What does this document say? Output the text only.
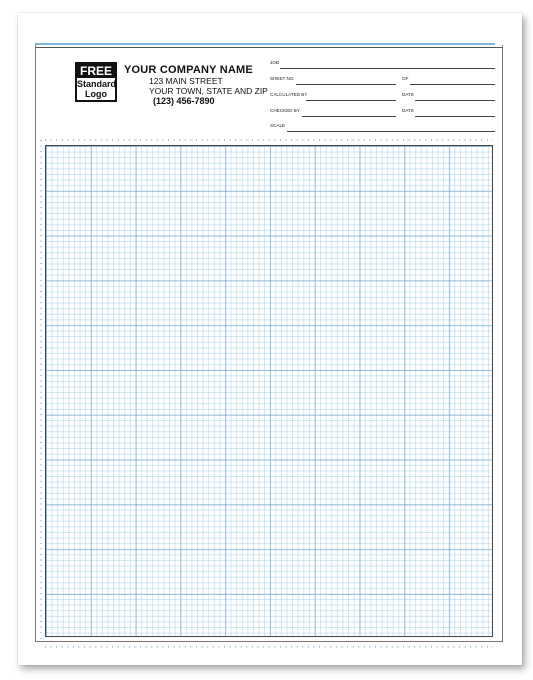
FREE
Standard
Logo
YOUR COMPANY NAME
123 MAIN STREET
YOUR TOWN, STATE AND ZIP
(123) 456-7890
JOB
SHEET NO.	OF
CALCULATED BY	DATE
CHECKED BY	DATE
SCALE
